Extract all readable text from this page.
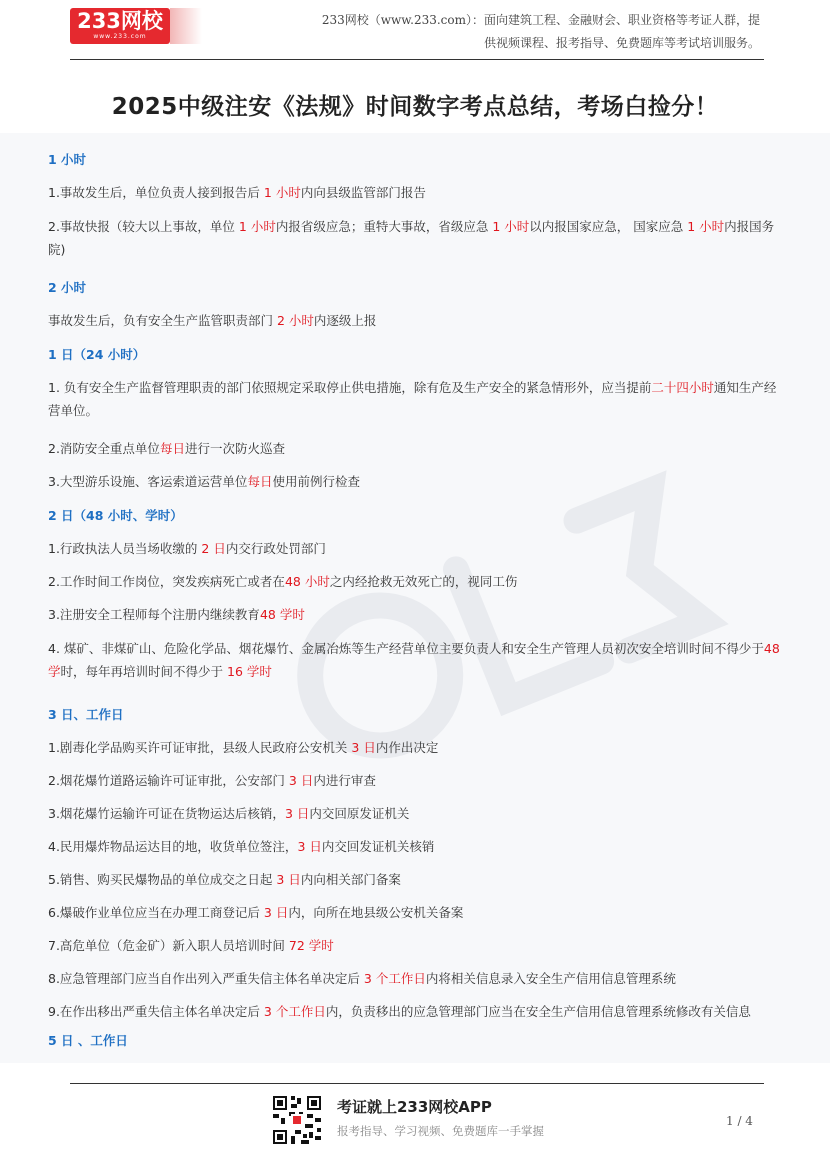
233网校
www.233.com
233网校（www.233.com）：面向建筑工程、金融财会、职业资格等考证人群，提
供视频课程、报考指导、免费题库等考试培训服务。
2025中级注安《法规》时间数字考点总结，考场白捡分！
1 小时
1.事故发生后，单位负责人接到报告后 1 小时内向县级监管部门报告
2.事故快报（较大以上事故，单位 1 小时内报省级应急；重特大事故，省级应急 1 小时以内报国家应急， 国家应急 1 小时内报国务院)
2 小时
事故发生后，负有安全生产监管职责部门 2 小时内逐级上报
1 日（24 小时）
1. 负有安全生产监督管理职责的部门依照规定采取停止供电措施，除有危及生产安全的紧急情形外，应当提前二十四小时通知生产经营单位。
2.消防安全重点单位每日进行一次防火巡查
3.大型游乐设施、客运索道运营单位每日使用前例行检查
2 日（48 小时、学时）
1.行政执法人员当场收缴的 2 日内交行政处罚部门
2.工作时间工作岗位，突发疾病死亡或者在48 小时之内经抢救无效死亡的，视同工伤
3.注册安全工程师每个注册内继续教育48 学时
4. 煤矿、非煤矿山、危险化学品、烟花爆竹、金属冶炼等生产经营单位主要负责人和安全生产管理人员初次安全培训时间不得少于48 学时，每年再培训时间不得少于 16 学时
3 日、工作日
1.剧毒化学品购买许可证审批，县级人民政府公安机关 3 日内作出决定
2.烟花爆竹道路运输许可证审批，公安部门 3 日内进行审查
3.烟花爆竹运输许可证在货物运达后核销，3 日内交回原发证机关
4.民用爆炸物品运达目的地，收货单位签注，3 日内交回发证机关核销
5.销售、购买民爆物品的单位成交之日起 3 日内向相关部门备案
6.爆破作业单位应当在办理工商登记后 3 日内，向所在地县级公安机关备案
7.高危单位（危金矿）新入职人员培训时间 72 学时
8.应急管理部门应当自作出列入严重失信主体名单决定后 3 个工作日内将相关信息录入安全生产信用信息管理系统
9.在作出移出严重失信主体名单决定后 3 个工作日内，负责移出的应急管理部门应当在安全生产信用信息管理系统修改有关信息
5 日 、工作日
考证就上233网校APP
报考指导、学习视频、免费题库一手掌握
1 / 4
